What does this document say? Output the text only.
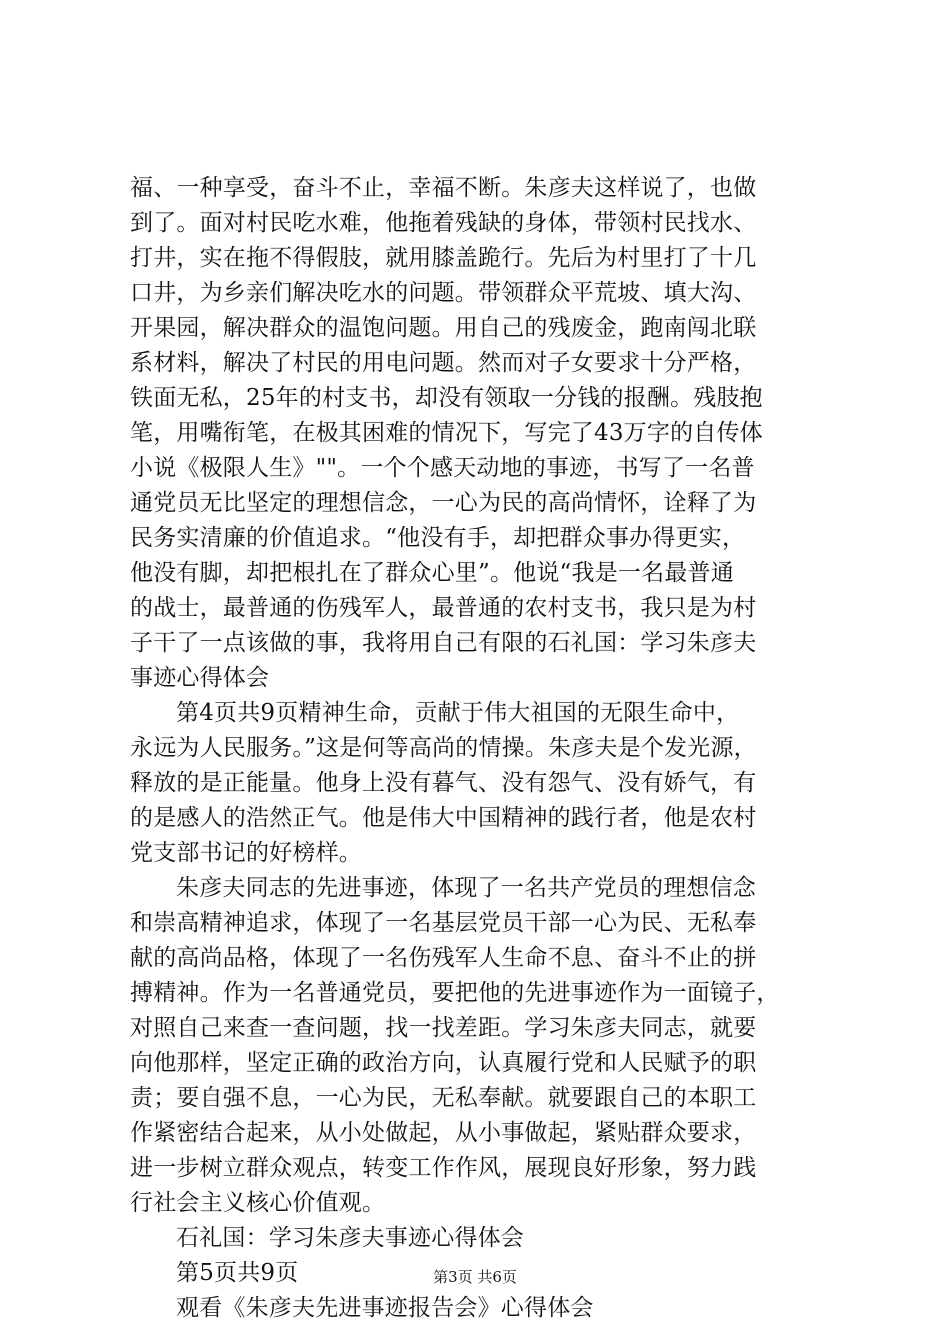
福、一种享受，奋斗不止，幸福不断。朱彦夫这样说了，也做
到了。面对村民吃水难，他拖着残缺的身体，带领村民找水、
打井，实在拖不得假肢，就用膝盖跪行。先后为村里打了十几
口井，为乡亲们解决吃水的问题。带领群众平荒坡、填大沟、
开果园，解决群众的温饱问题。用自己的残废金，跑南闯北联
系材料，解决了村民的用电问题。然而对子女要求十分严格，
铁面无私，25年的村支书，却没有领取一分钱的报酬。残肢抱
笔，用嘴衔笔，在极其困难的情况下，写完了43万字的自传体
小说《极限人生》""。一个个感天动地的事迹，书写了一名普
通党员无比坚定的理想信念，一心为民的高尚情怀，诠释了为
民务实清廉的价值追求。“他没有手，却把群众事办得更实，
他没有脚，却把根扎在了群众心里”。他说“我是一名最普通
的战士，最普通的伤残军人，最普通的农村支书，我只是为村
子干了一点该做的事，我将用自己有限的石礼国：学习朱彦夫
事迹心得体会
第4页共9页精神生命，贡献于伟大祖国的无限生命中，
永远为人民服务。”这是何等高尚的情操。朱彦夫是个发光源，
释放的是正能量。他身上没有暮气、没有怨气、没有娇气，有
的是感人的浩然正气。他是伟大中国精神的践行者，他是农村
党支部书记的好榜样。
朱彦夫同志的先进事迹，体现了一名共产党员的理想信念
和崇高精神追求，体现了一名基层党员干部一心为民、无私奉
献的高尚品格，体现了一名伤残军人生命不息、奋斗不止的拼
搏精神。作为一名普通党员，要把他的先进事迹作为一面镜子，
对照自己来查一查问题，找一找差距。学习朱彦夫同志，就要
向他那样，坚定正确的政治方向，认真履行党和人民赋予的职
责；要自强不息，一心为民，无私奉献。就要跟自己的本职工
作紧密结合起来，从小处做起，从小事做起，紧贴群众要求，
进一步树立群众观点，转变工作作风，展现良好形象，努力践
行社会主义核心价值观。
石礼国：学习朱彦夫事迹心得体会
第5页共9页
观看《朱彦夫先进事迹报告会》心得体会
第3页 共6页
